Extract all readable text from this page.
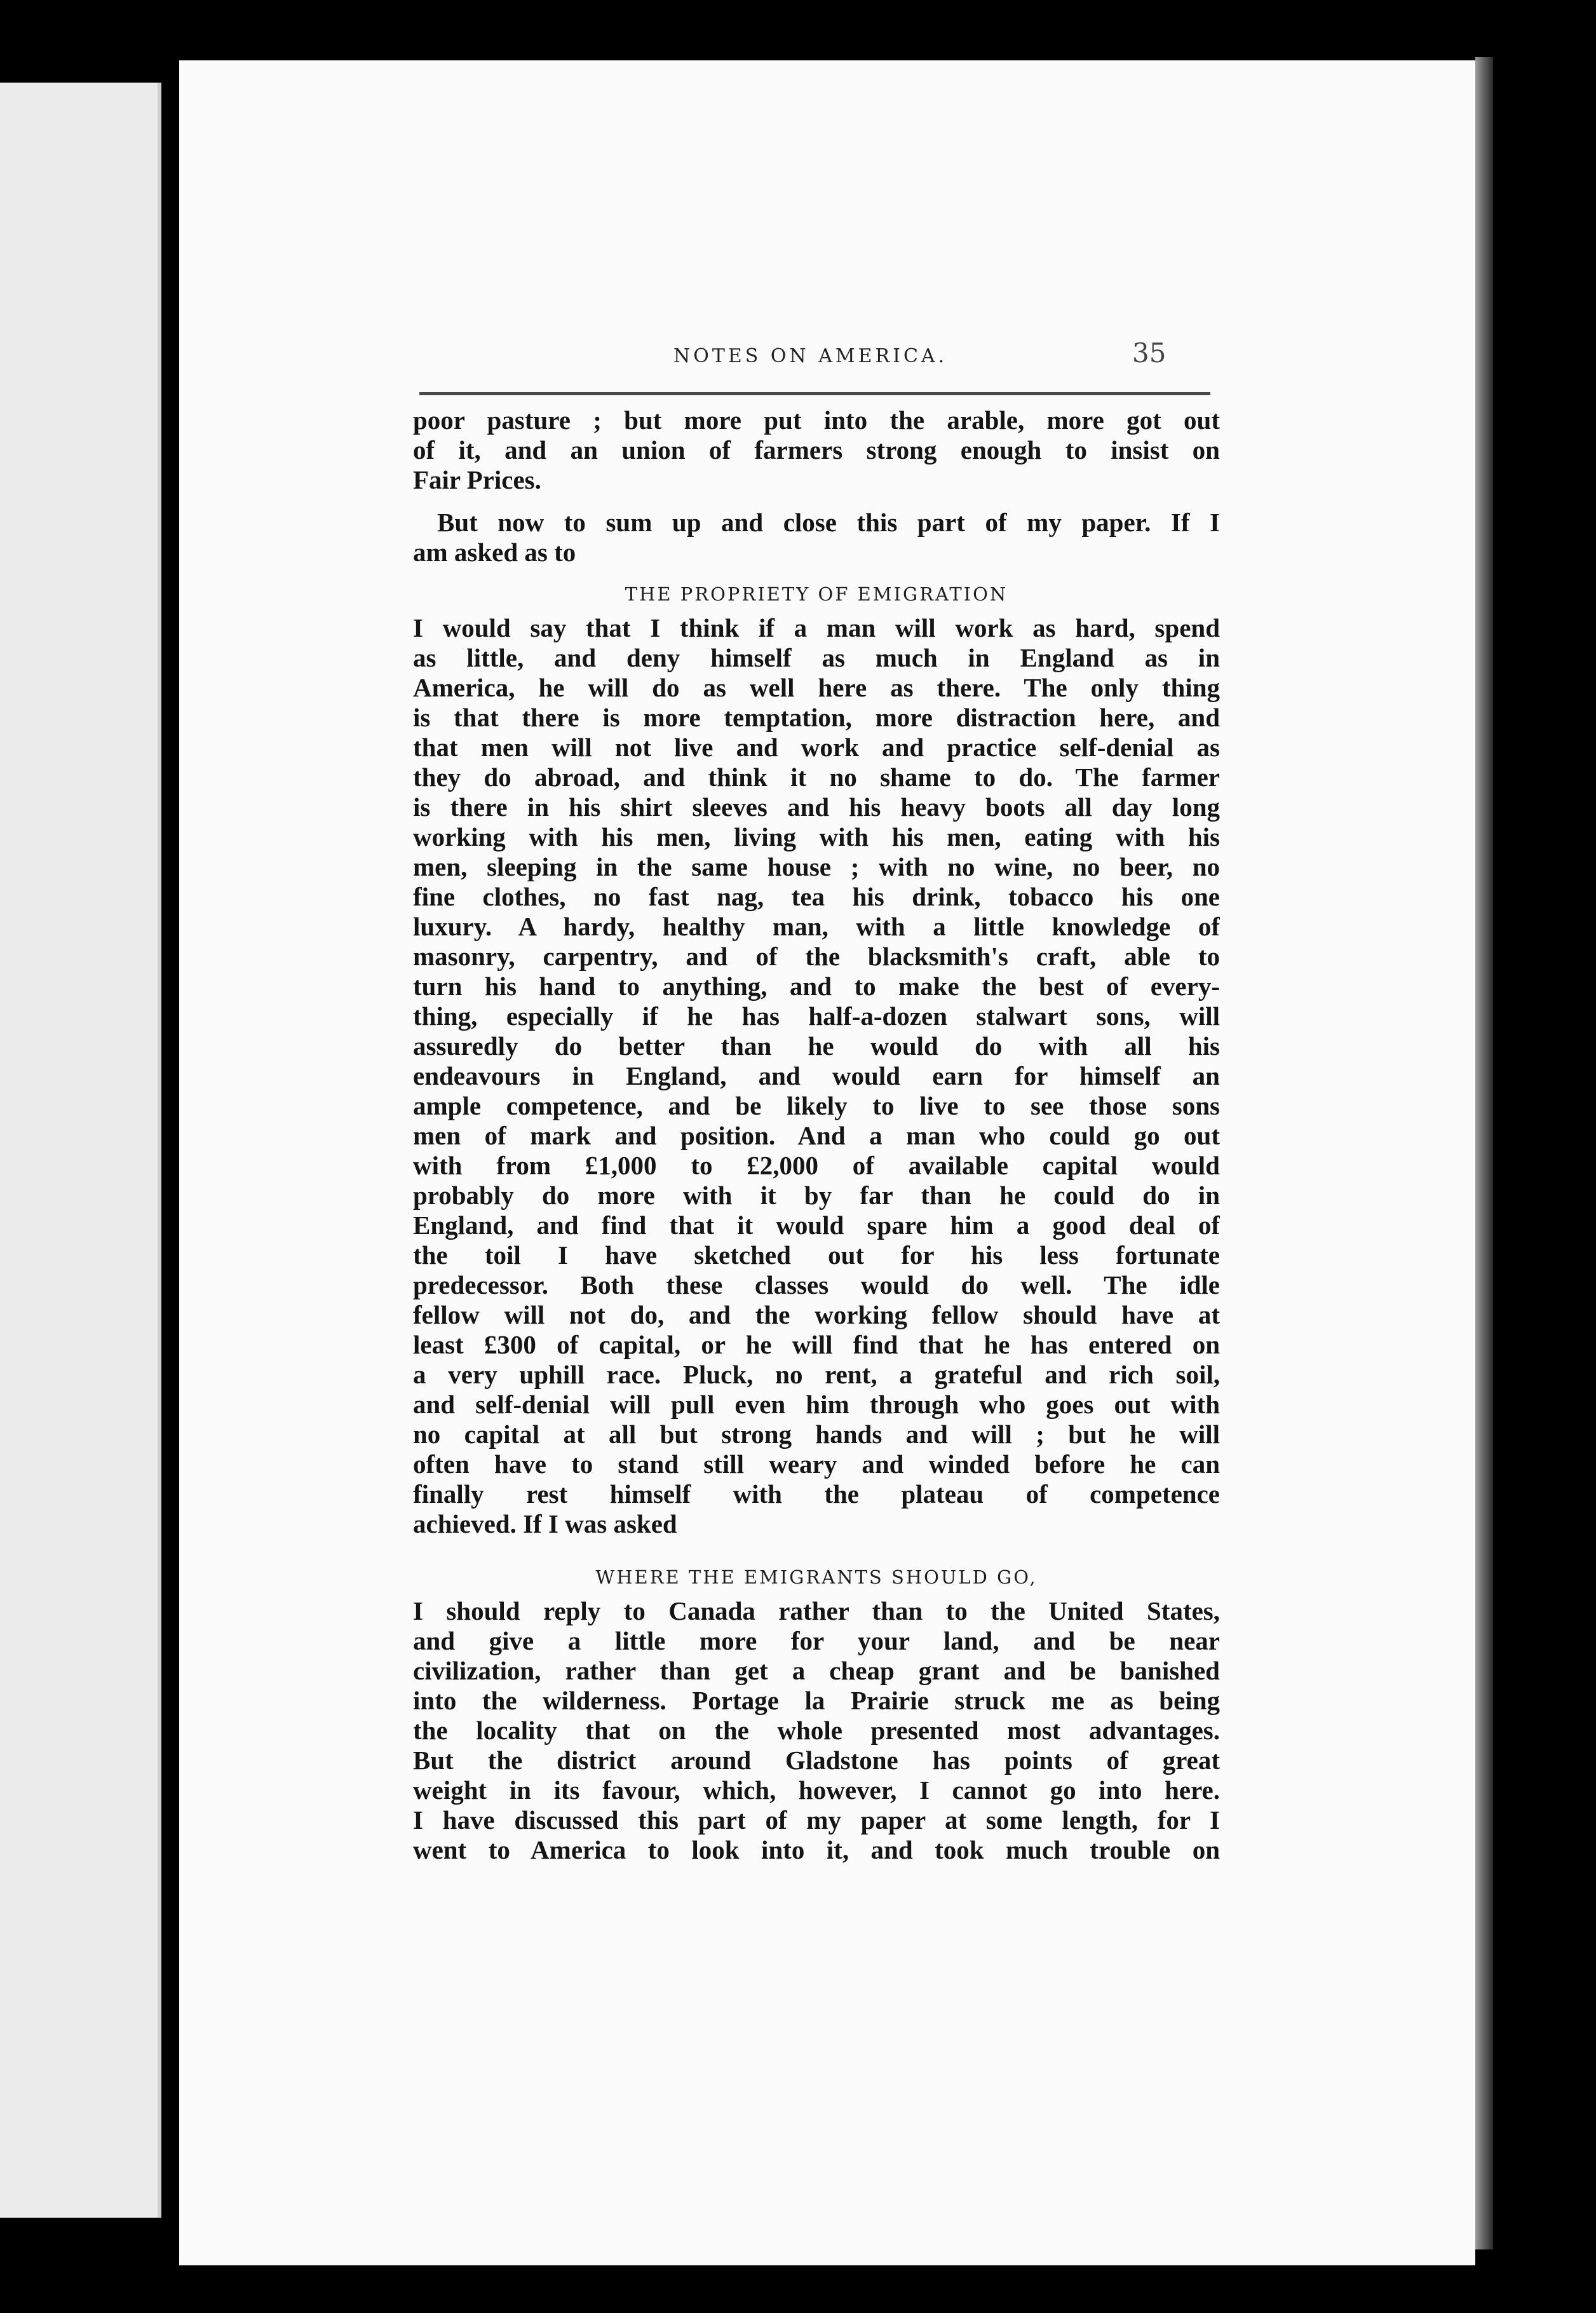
NOTES ON AMERICA.	35
poor pasture ; but more put into the arable, more got out
of it, and an union of farmers strong enough to insist on
Fair Prices.
But now to sum up and close this part of my paper. If I
am asked as to
THE PROPRIETY OF EMIGRATION
I would say that I think if a man will work as hard, spend
as little, and deny himself as much in England as in
America, he will do as well here as there. The only thing
is that there is more temptation, more distraction here, and
that men will not live and work and practice self-denial as
they do abroad, and think it no shame to do. The farmer
is there in his shirt sleeves and his heavy boots all day long
working with his men, living with his men, eating with his
men, sleeping in the same house ; with no wine, no beer, no
fine clothes, no fast nag, tea his drink, tobacco his one
luxury. A hardy, healthy man, with a little knowledge of
masonry, carpentry, and of the blacksmith's craft, able to
turn his hand to anything, and to make the best of every-
thing, especially if he has half-a-dozen stalwart sons, will
assuredly do better than he would do with all his
endeavours in England, and would earn for himself an
ample competence, and be likely to live to see those sons
men of mark and position. And a man who could go out
with from £1,000 to £2,000 of available capital would
probably do more with it by far than he could do in
England, and find that it would spare him a good deal of
the toil I have sketched out for his less fortunate
predecessor. Both these classes would do well. The idle
fellow will not do, and the working fellow should have at
least £300 of capital, or he will find that he has entered on
a very uphill race. Pluck, no rent, a grateful and rich soil,
and self-denial will pull even him through who goes out with
no capital at all but strong hands and will ; but he will
often have to stand still weary and winded before he can
finally rest himself with the plateau of competence
achieved. If I was asked
WHERE THE EMIGRANTS SHOULD GO,
I should reply to Canada rather than to the United States,
and give a little more for your land, and be near
civilization, rather than get a cheap grant and be banished
into the wilderness. Portage la Prairie struck me as being
the locality that on the whole presented most advantages.
But the district around Gladstone has points of great
weight in its favour, which, however, I cannot go into here.
I have discussed this part of my paper at some length, for I
went to America to look into it, and took much trouble on
